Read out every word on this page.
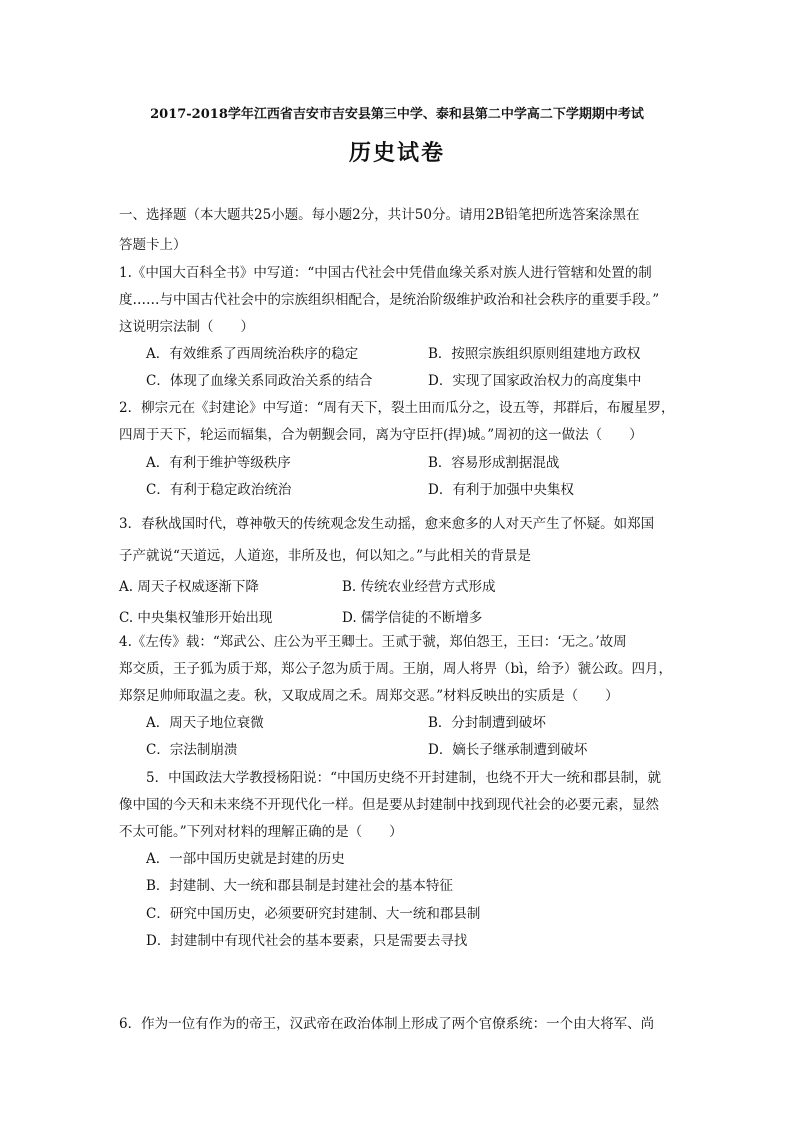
2017-2018学年江西省吉安市吉安县第三中学、泰和县第二中学高二下学期期中考试
历史试卷
一、选择题（本大题共25小题。每小题2分，共计50分。请用2B铅笔把所选答案涂黑在
答题卡上）
1.《中国大百科全书》中写道：“中国古代社会中凭借血缘关系对族人进行管辖和处置的制
度……与中国古代社会中的宗族组织相配合，是统治阶级维护政治和社会秩序的重要手段。”
这说明宗法制（　　）
A．有效维系了西周统治秩序的稳定	B．按照宗族组织原则组建地方政权
C．体现了血缘关系同政治关系的结合	D．实现了国家政治权力的高度集中
2．柳宗元在《封建论》中写道：“周有天下，裂土田而瓜分之，设五等，邦群后，布履星罗，
四周于天下，轮运而辐集，合为朝觐会同，离为守臣扞(捍)城。”周初的这一做法（　　）
A．有利于维护等级秩序	B．容易形成割据混战
C．有利于稳定政治统治	D．有利于加强中央集权
3．春秋战国时代，尊神敬天的传统观念发生动摇，愈来愈多的人对天产生了怀疑。如郑国
子产就说“天道远，人道迩，非所及也，何以知之。”与此相关的背景是
A. 周天子权威逐渐下降	B. 传统农业经营方式形成
C. 中央集权雏形开始出现	D. 儒学信徒的不断增多
4.《左传》载：“郑武公、庄公为平王卿士。王贰于虢，郑伯怨王，王曰：‘无之。’故周
郑交质，王子狐为质于郑，郑公子忽为质于周。王崩，周人将畀（bì，给予）虢公政。四月，
郑祭足帅师取温之麦。秋，又取成周之禾。周郑交恶。”材料反映出的实质是（　　）
A．周天子地位衰微	B．分封制遭到破坏
C．宗法制崩溃	D．嫡长子继承制遭到破坏
5．中国政法大学教授杨阳说：“中国历史绕不开封建制，也绕不开大一统和郡县制，就
像中国的今天和未来绕不开现代化一样。但是要从封建制中找到现代社会的必要元素，显然
不太可能。”下列对材料的理解正确的是（　　）
A．一部中国历史就是封建的历史
B．封建制、大一统和郡县制是封建社会的基本特征
C．研究中国历史，必须要研究封建制、大一统和郡县制
D．封建制中有现代社会的基本要素，只是需要去寻找
6．作为一位有作为的帝王，汉武帝在政治体制上形成了两个官僚系统：一个由大将军、尚
